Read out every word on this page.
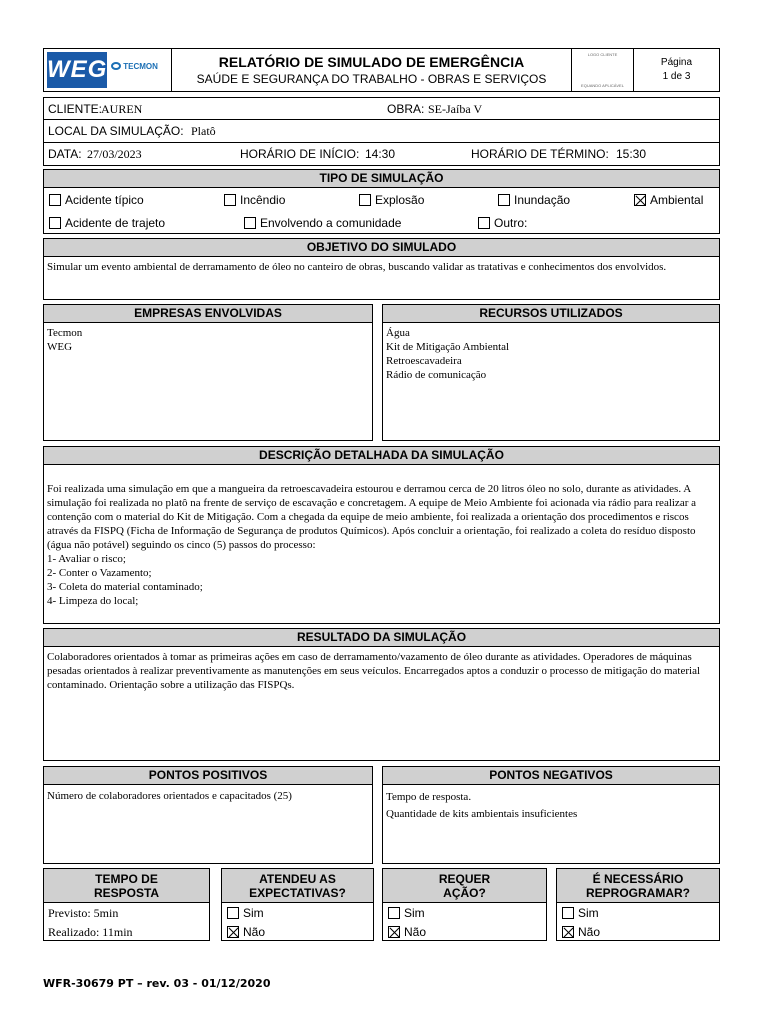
WEG	TECMON	RELATÓRIO DE SIMULADO DE EMERGÊNCIA
SAÚDE E SEGURANÇA DO TRABALHO - OBRAS E SERVIÇOS
LOGO CLIENTE
EQUANDO APLICÁVEL
Página
1 de 3
CLIENTE:
AUREN	OBRA: SE-Jaíba V
LOCAL DA SIMULAÇÃO: Platô
DATA: 27/03/2023	HORÁRIO DE INÍCIO: 14:30	HORÁRIO DE TÉRMINO: 15:30
TIPO DE SIMULAÇÃO
Acidente típico	Incêndio	Explosão	Inundação	Ambiental
Acidente de trajeto	Envolvendo a comunidade	Outro:
OBJETIVO DO SIMULADO
Simular um evento ambiental de derramamento de óleo no canteiro de obras, buscando validar as tratativas e conhecimentos dos envolvidos.
EMPRESAS ENVOLVIDAS
Tecmon
WEG
RECURSOS UTILIZADOS
Água
Kit de Mitigação Ambiental
Retroescavadeira
Rádio de comunicação
DESCRIÇÃO DETALHADA DA SIMULAÇÃO
Foi realizada uma simulação em que a mangueira da retroescavadeira estourou e derramou cerca de 20 litros óleo no solo, durante as atividades. A simulação foi realizada no platô na frente de serviço de escavação e concretagem. A equipe de Meio Ambiente foi acionada via rádio para realizar a contenção com o material do Kit de Mitigação. Com a chegada da equipe de meio ambiente, foi realizada a orientação dos procedimentos e riscos através da FISPQ (Ficha de Informação de Segurança de produtos Químicos). Após concluir a orientação, foi realizado a coleta do resíduo disposto (água não potável) seguindo os cinco (5) passos do processo:
1- Avaliar o risco;
2- Conter o Vazamento;
3- Coleta do material contaminado;
4- Limpeza do local;
RESULTADO DA SIMULAÇÃO
Colaboradores orientados à tomar as primeiras ações em caso de derramamento/vazamento de óleo durante as atividades. Operadores de máquinas pesadas orientados à realizar preventivamente as manutenções em seus veículos. Encarregados aptos a conduzir o processo de mitigação do material contaminado. Orientação sobre a utilização das FISPQs.
PONTOS POSITIVOS
Número de colaboradores orientados e capacitados (25)
PONTOS NEGATIVOS
Tempo de resposta.
Quantidade de kits ambientais insuficientes
TEMPO DE
RESPOSTA
Previsto: 5min
Realizado: 11min
ATENDEU AS
EXPECTATIVAS?
Sim
Não
REQUER
AÇÃO?
Sim
Não
É NECESSÁRIO
REPROGRAMAR?
Sim
Não
WFR-30679 PT – rev. 03 - 01/12/2020
